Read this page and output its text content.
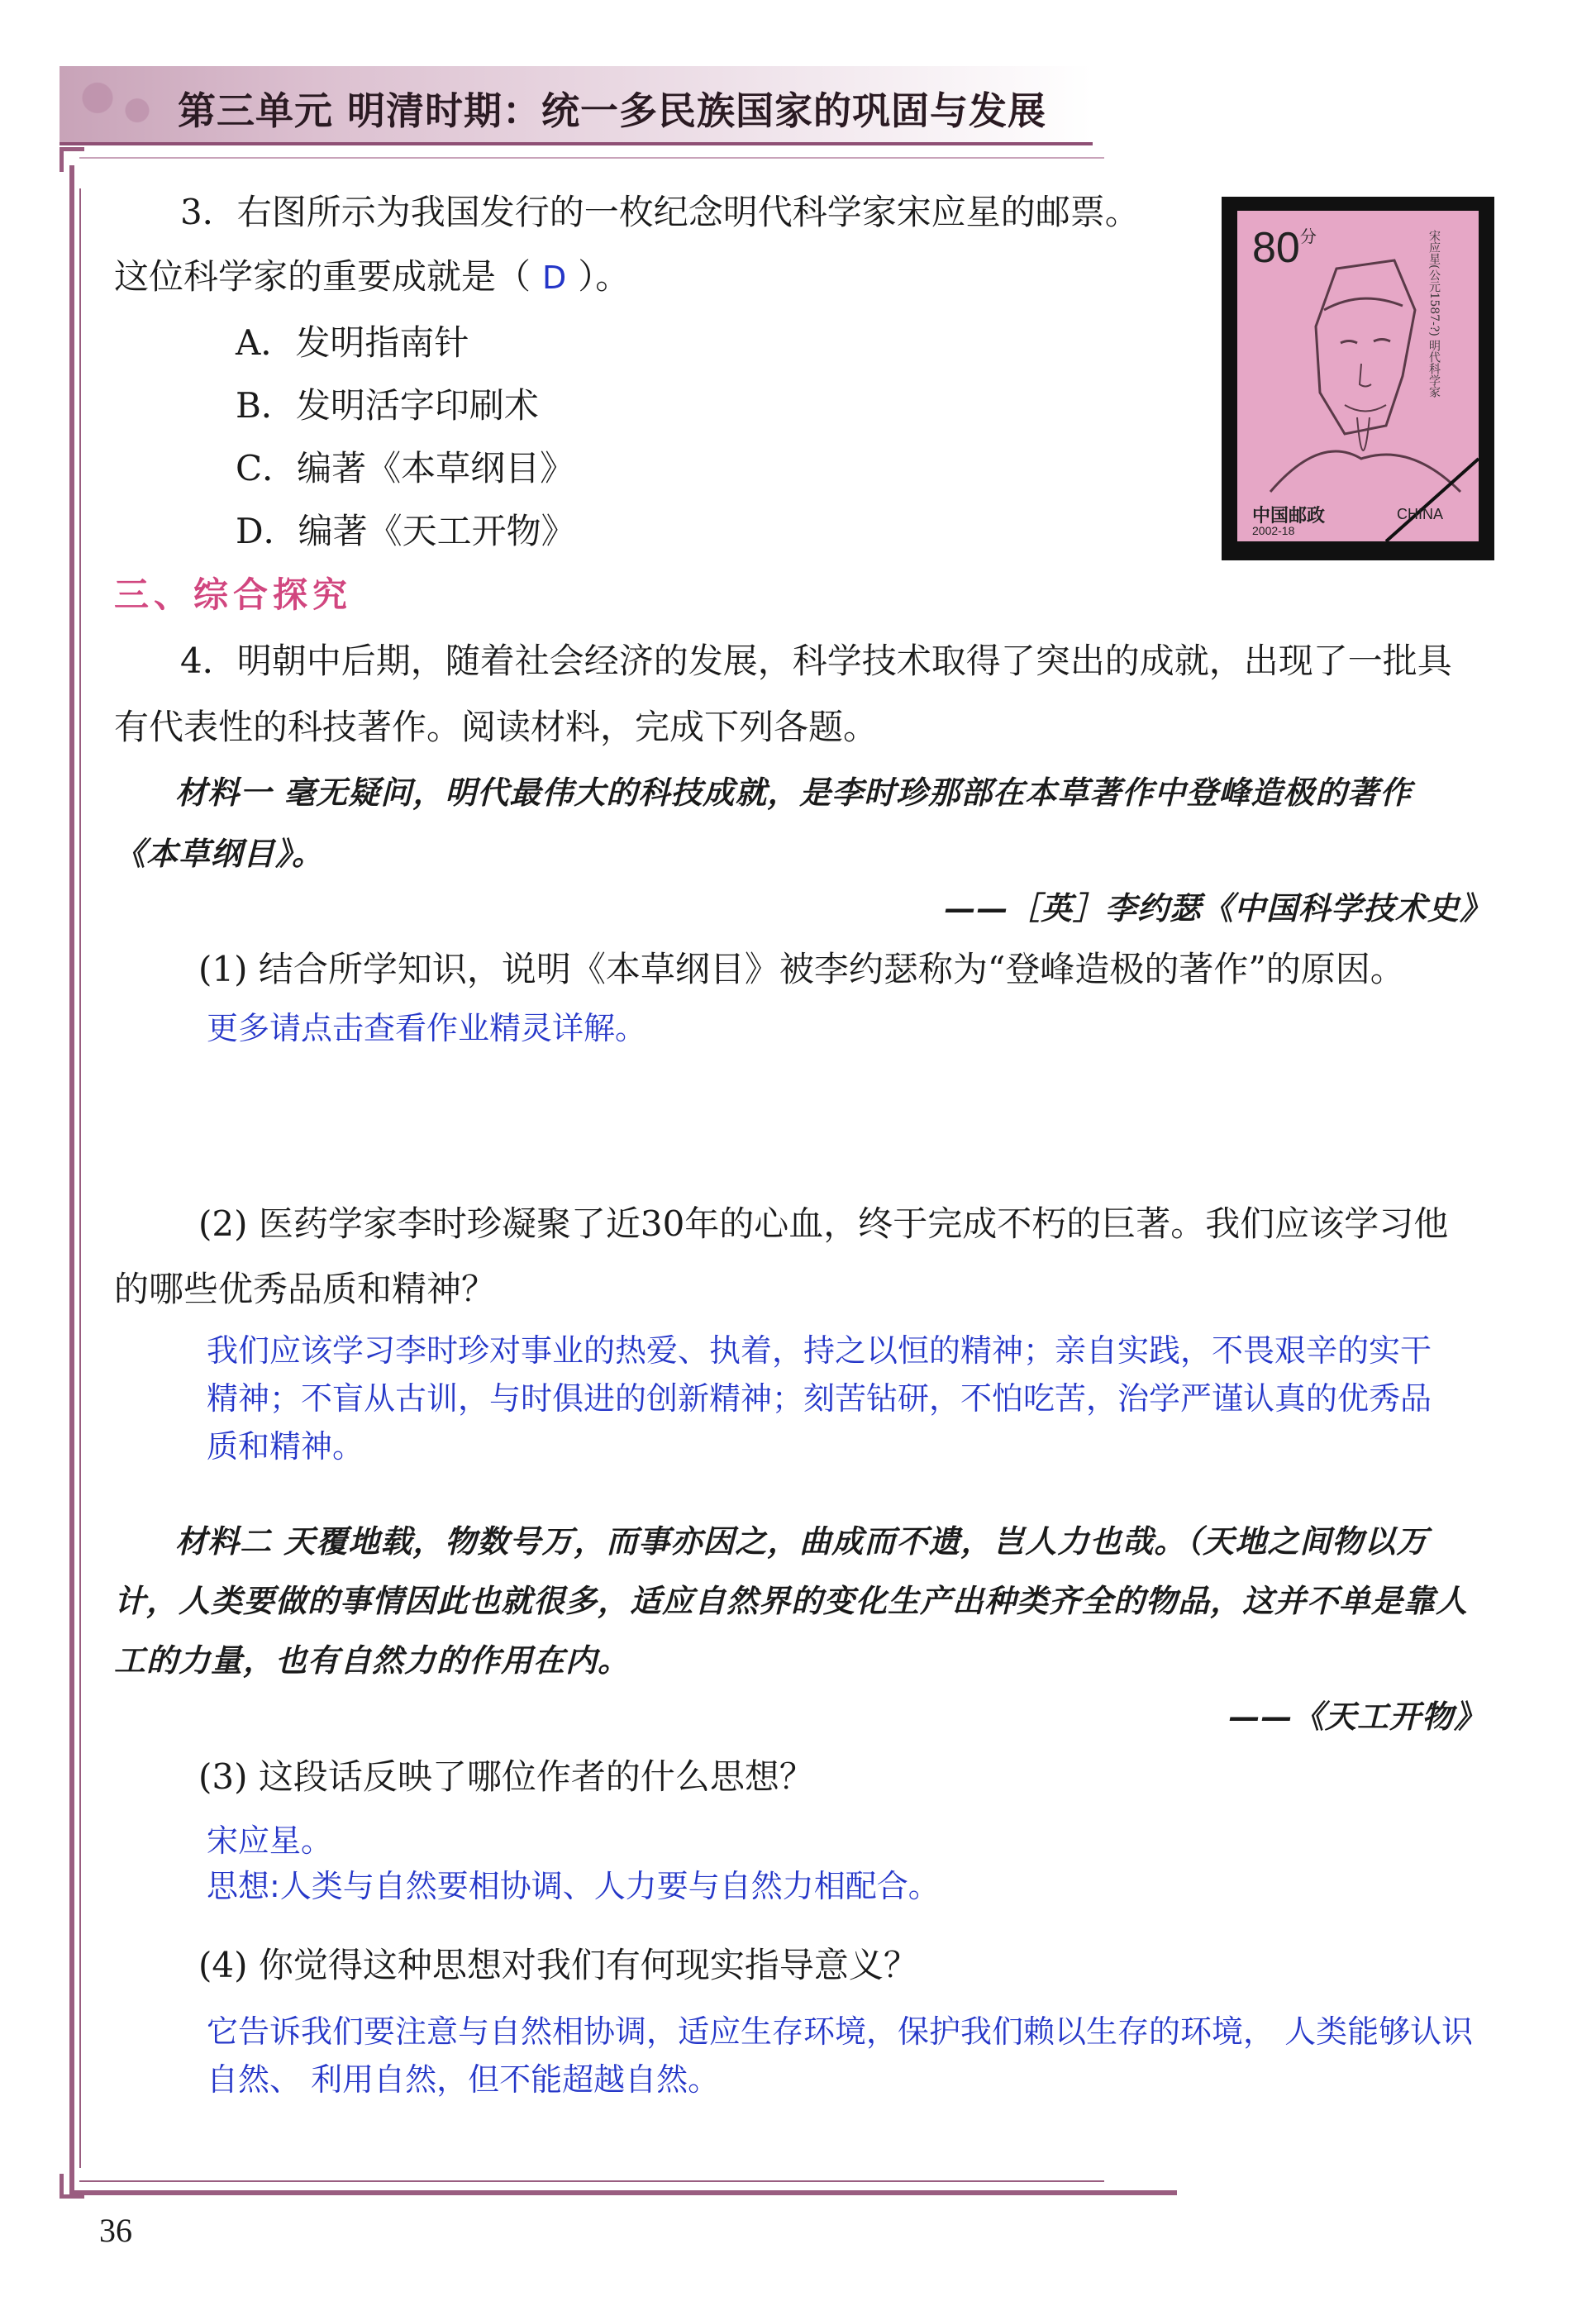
第三单元 明清时期：统一多民族国家的巩固与发展
3．右图所示为我国发行的一枚纪念明代科学家宋应星的邮票。
这位科学家的重要成就是（ D ）。
A．发明指南针
B．发明活字印刷术
C．编著《本草纲目》
D．编著《天工开物》
$80^分$	宋应星(公元1587-?) 明代科学家
中国邮政	CHINA
2002-18
三、综合探究
4．明朝中后期，随着社会经济的发展，科学技术取得了突出的成就，出现了一批具
有代表性的科技著作。阅读材料，完成下列各题。
材料一 毫无疑问，明代最伟大的科技成就，是李时珍那部在本草著作中登峰造极的著作
《本草纲目》。
——［英］李约瑟《中国科学技术史》
(1) 结合所学知识，说明《本草纲目》被李约瑟称为“登峰造极的著作”的原因。
更多请点击查看作业精灵详解。
(2) 医药学家李时珍凝聚了近30年的心血，终于完成不朽的巨著。我们应该学习他
的哪些优秀品质和精神？
我们应该学习李时珍对事业的热爱、执着，持之以恒的精神；亲自实践，不畏艰辛的实干
精神；不盲从古训，与时俱进的创新精神；刻苦钻研，不怕吃苦，治学严谨认真的优秀品
质和精神。
材料二 天覆地载，物数号万，而事亦因之，曲成而不遗，岂人力也哉。（天地之间物以万
计，人类要做的事情因此也就很多，适应自然界的变化生产出种类齐全的物品，这并不单是靠人
工的力量，也有自然力的作用在内。
——《天工开物》
(3) 这段话反映了哪位作者的什么思想？
宋应星。
思想:人类与自然要相协调、人力要与自然力相配合。
(4) 你觉得这种思想对我们有何现实指导意义？
它告诉我们要注意与自然相协调，适应生存环境，保护我们赖以生存的环境， 人类能够认识
自然、 利用自然，但不能超越自然。
36
